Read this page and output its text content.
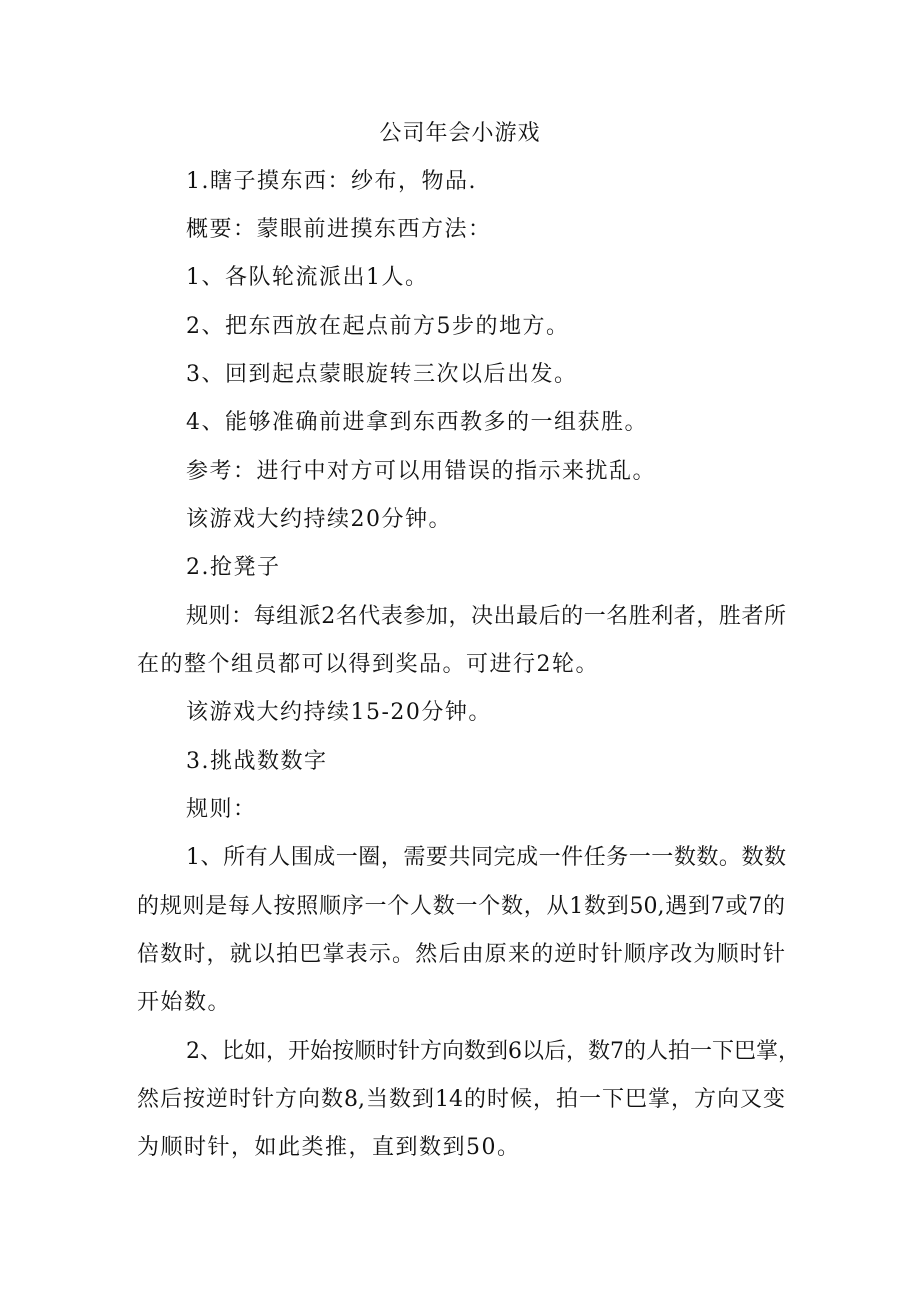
公司年会小游戏
1.瞎子摸东西：纱布，物品.
概要：蒙眼前进摸东西方法：
1、各队轮流派出1人。
2、把东西放在起点前方5步的地方。
3、回到起点蒙眼旋转三次以后出发。
4、能够准确前进拿到东西教多的一组获胜。
参考：进行中对方可以用错误的指示来扰乱。
该游戏大约持续20分钟。
2.抢凳子
规则：每组派2名代表参加，决出最后的一名胜利者，胜者所
在的整个组员都可以得到奖品。可进行2轮。
该游戏大约持续15-20分钟。
3.挑战数数字
规则：
1、所有人围成一圈，需要共同完成一件任务一一数数。数数
的规则是每人按照顺序一个人数一个数，从1数到50,遇到7或7的
倍数时，就以拍巴掌表示。然后由原来的逆时针顺序改为顺时针
开始数。
2、比如，开始按顺时针方向数到6以后，数7的人拍一下巴掌，
然后按逆时针方向数8,当数到14的时候，拍一下巴掌，方向又变
为顺时针，如此类推，直到数到50。
